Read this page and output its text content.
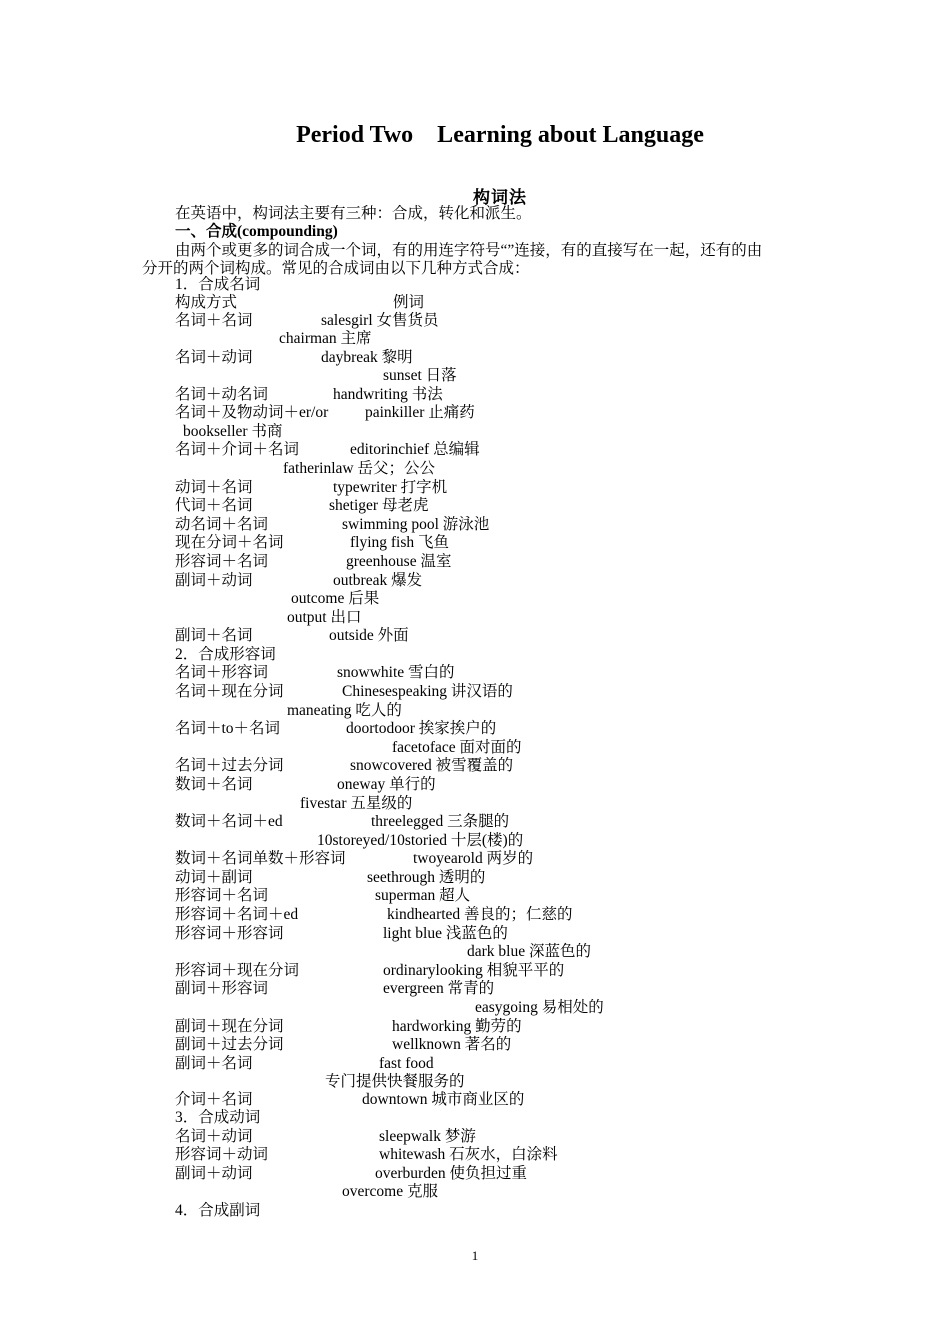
Period Two    Learning about Language
构词法
在英语中，构词法主要有三种：合成，转化和派生。
一、合成(compounding)
由两个或更多的词合成一个词，有的用连字符号“”连接，有的直接写在一起，还有的由
分开的两个词构成。常见的合成词由以下几种方式合成：
1．合成名词
构成方式	例词
名词＋名词	salesgirl 女售货员
chairman 主席
名词＋动词	daybreak 黎明
sunset 日落
名词＋动名词	handwriting 书法
名词＋及物动词＋er/or painkiller 止痛药
bookseller 书商
名词＋介词＋名词	editorinchief 总编辑
fatherinlaw 岳父；公公
动词＋名词	typewriter 打字机
代词＋名词	shetiger 母老虎
动名词＋名词	swimming pool 游泳池
现在分词＋名词	flying fish 飞鱼
形容词＋名词	greenhouse 温室
副词＋动词	outbreak 爆发
outcome 后果
output 出口
副词＋名词	outside 外面
2．合成形容词
名词＋形容词	snowwhite 雪白的
名词＋现在分词	Chinesespeaking 讲汉语的
maneating 吃人的
名词＋to＋名词	doortodoor 挨家挨户的
facetoface 面对面的
名词＋过去分词	snowcovered 被雪覆盖的
数词＋名词	oneway 单行的
fivestar 五星级的
数词＋名词＋ed	threelegged 三条腿的
10storeyed/10storied 十层(楼)的
数词＋名词单数＋形容词	twoyearold 两岁的
动词＋副词	seethrough 透明的
形容词＋名词	superman 超人
形容词＋名词＋ed	kindhearted 善良的；仁慈的
形容词＋形容词	light blue 浅蓝色的
dark blue 深蓝色的
形容词＋现在分词	ordinarylooking 相貌平平的
副词＋形容词	evergreen 常青的
easygoing 易相处的
副词＋现在分词	hardworking 勤劳的
副词＋过去分词	wellknown 著名的
副词＋名词	fast food
专门提供快餐服务的
介词＋名词	downtown 城市商业区的
3．合成动词
名词＋动词	sleepwalk 梦游
形容词＋动词	whitewash 石灰水，白涂料
副词＋动词	overburden 使负担过重
overcome 克服
4．合成副词
1
